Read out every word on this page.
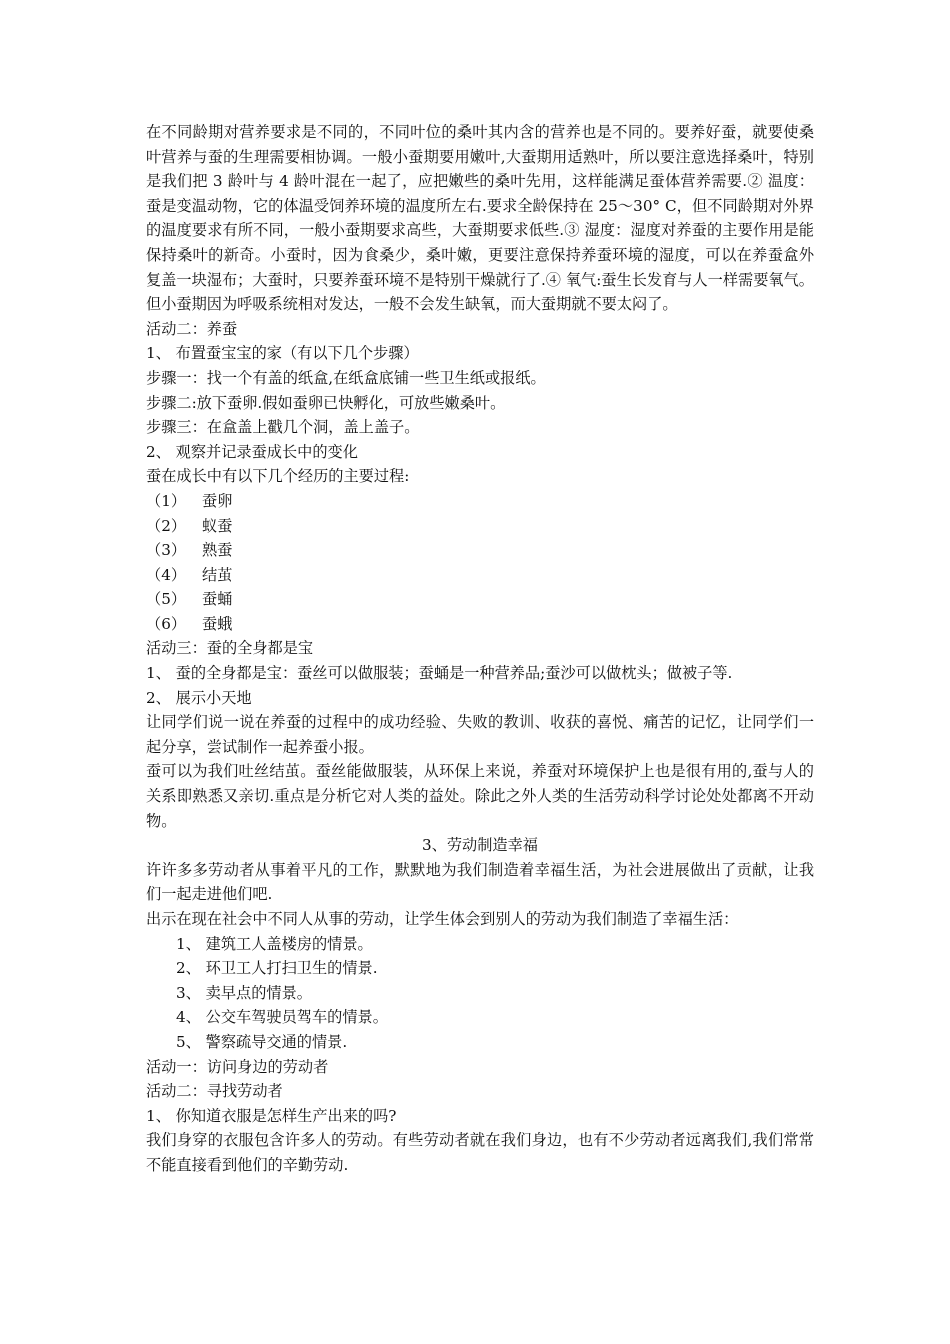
在不同龄期对营养要求是不同的，不同叶位的桑叶其内含的营养也是不同的。要养好蚕，就要使桑叶营养与蚕的生理需要相协调。一般小蚕期要用嫩叶,大蚕期用适熟叶，所以要注意选择桑叶，特别是我们把 3 龄叶与 4 龄叶混在一起了，应把嫩些的桑叶先用，这样能满足蚕体营养需要.② 温度：蚕是变温动物，它的体温受饲养环境的温度所左右.要求全龄保持在 25～30° C，但不同龄期对外界的温度要求有所不同，一般小蚕期要求高些，大蚕期要求低些.③ 湿度：湿度对养蚕的主要作用是能保持桑叶的新奇。小蚕时，因为食桑少，桑叶嫩，更要注意保持养蚕环境的湿度，可以在养蚕盒外复盖一块湿布；大蚕时，只要养蚕环境不是特别干燥就行了.④ 氧气:蚕生长发育与人一样需要氧气。但小蚕期因为呼吸系统相对发达，一般不会发生缺氧，而大蚕期就不要太闷了。

活动二：养蚕

1、 布置蚕宝宝的家（有以下几个步骤）

步骤一：找一个有盖的纸盒,在纸盒底铺一些卫生纸或报纸。

步骤二:放下蚕卵.假如蚕卵已快孵化，可放些嫩桑叶。

步骤三：在盒盖上戳几个洞，盖上盖子。

2、 观察并记录蚕成长中的变化

蚕在成长中有以下几个经历的主要过程:

（1）	蚕卵
（2）	蚁蚕
（3）	熟蚕
（4）	结茧
（5）	蚕蛹
（6）	蚕蛾

活动三：蚕的全身都是宝

1、 蚕的全身都是宝：蚕丝可以做服装；蚕蛹是一种营养品;蚕沙可以做枕头；做被子等.

2、 展示小天地

让同学们说一说在养蚕的过程中的成功经验、失败的教训、收获的喜悦、痛苦的记忆，让同学们一起分享，尝试制作一起养蚕小报。

蚕可以为我们吐丝结茧。蚕丝能做服装，从环保上来说，养蚕对环境保护上也是很有用的,蚕与人的关系即熟悉又亲切.重点是分析它对人类的益处。除此之外人类的生活劳动科学讨论处处都离不开动物。

3、劳动制造幸福

许许多多劳动者从事着平凡的工作，默默地为我们制造着幸福生活，为社会进展做出了贡献，让我们一起走进他们吧.

出示在现在社会中不同人从事的劳动，让学生体会到别人的劳动为我们制造了幸福生活：

1、 建筑工人盖楼房的情景。

2、 环卫工人打扫卫生的情景.

3、 卖早点的情景。

4、 公交车驾驶员驾车的情景。

5、 警察疏导交通的情景.

活动一：访问身边的劳动者

活动二：寻找劳动者

1、 你知道衣服是怎样生产出来的吗?

我们身穿的衣服包含许多人的劳动。有些劳动者就在我们身边，也有不少劳动者远离我们,我们常常不能直接看到他们的辛勤劳动.
